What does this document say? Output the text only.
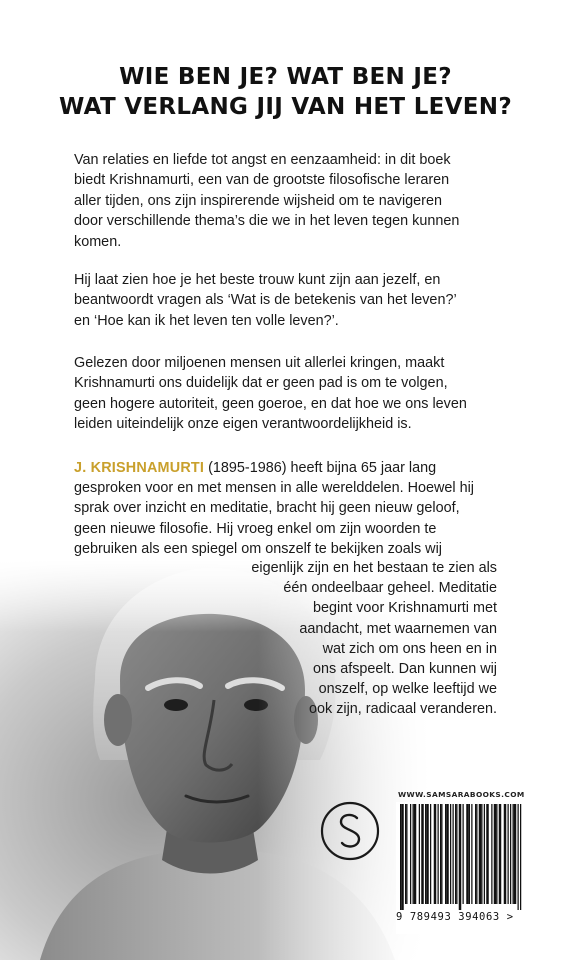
WIE BEN JE? WAT BEN JE?
WAT VERLANG JIJ VAN HET LEVEN?
Van relaties en liefde tot angst en eenzaamheid: in dit boek
biedt Krishnamurti, een van de grootste filosofische leraren
aller tijden, ons zijn inspirerende wijsheid om te navigeren
door verschillende thema’s die we in het leven tegen kunnen
komen.
Hij laat zien hoe je het beste trouw kunt zijn aan jezelf, en
beantwoordt vragen als ‘Wat is de betekenis van het leven?’
en ‘Hoe kan ik het leven ten volle leven?’.
Gelezen door miljoenen mensen uit allerlei kringen, maakt
Krishnamurti ons duidelijk dat er geen pad is om te volgen,
geen hogere autoriteit, geen goeroe, en dat hoe we ons leven
leiden uiteindelijk onze eigen verantwoordelijkheid is.
J. KRISHNAMURTI (1895-1986) heeft bijna 65 jaar lang
gesproken voor en met mensen in alle werelddelen. Hoewel hij
sprak over inzicht en meditatie, bracht hij geen nieuw geloof,
geen nieuwe filosofie. Hij vroeg enkel om zijn woorden te
gebruiken als een spiegel om onszelf te bekijken zoals wij
eigenlijk zijn en het bestaan te zien als
één ondeelbaar geheel. Meditatie
begint voor Krishnamurti met
aandacht, met waarnemen van
wat zich om ons heen en in
ons afspeelt. Dan kunnen wij
onszelf, op welke leeftijd we
ook zijn, radicaal veranderen.
WWW.SAMSARABOOKS.COM
9 789493 394063 >
